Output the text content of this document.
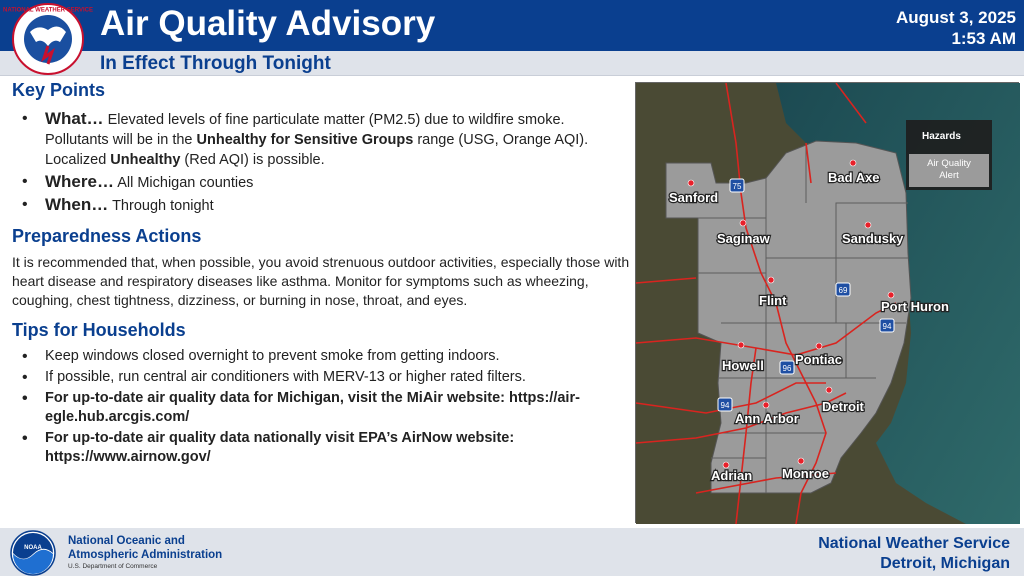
NATIONAL WEATHER SERVICE Air Quality Advisory
In Effect Through Tonight
August 3, 2025
1:53 AM
Key Points
• What… Elevated levels of fine particulate matter (PM2.5) due to wildfire smoke. Pollutants will be in the Unhealthy for Sensitive Groups range (USG, Orange AQI). Localized Unhealthy (Red AQI) is possible.
• Where… All Michigan counties
• When… Through tonight
Preparedness Actions

It is recommended that, when possible, you avoid strenuous outdoor activities, especially those with heart disease and respiratory diseases like asthma. Monitor for symptoms such as wheezing, coughing, chest tightness, dizziness, or burning in nose, throat, and eyes.

Tips for Households
• Keep windows closed overnight to prevent smoke from getting indoors.
• If possible, run central air conditioners with MERV-13 or higher rated filters.
• For up-to-date air quality data for Michigan, visit the MiAir website: https://air-egle.hub.arcgis.com/
• For up-to-date air quality data nationally visit EPA’s AirNow website: https://www.airnow.gov/
75
69
94
96
94
Sanford
Bad Axe
Saginaw	Sandusky
Flint	Port Huron
Howell Pontiac
Ann Arbor
Detroit
Adrian Monroe
Hazards
Air Quality Alert
NOAA
National Oceanic and
Atmospheric Administration
U.S. Department of Commerce
National Weather Service
Detroit, Michigan
